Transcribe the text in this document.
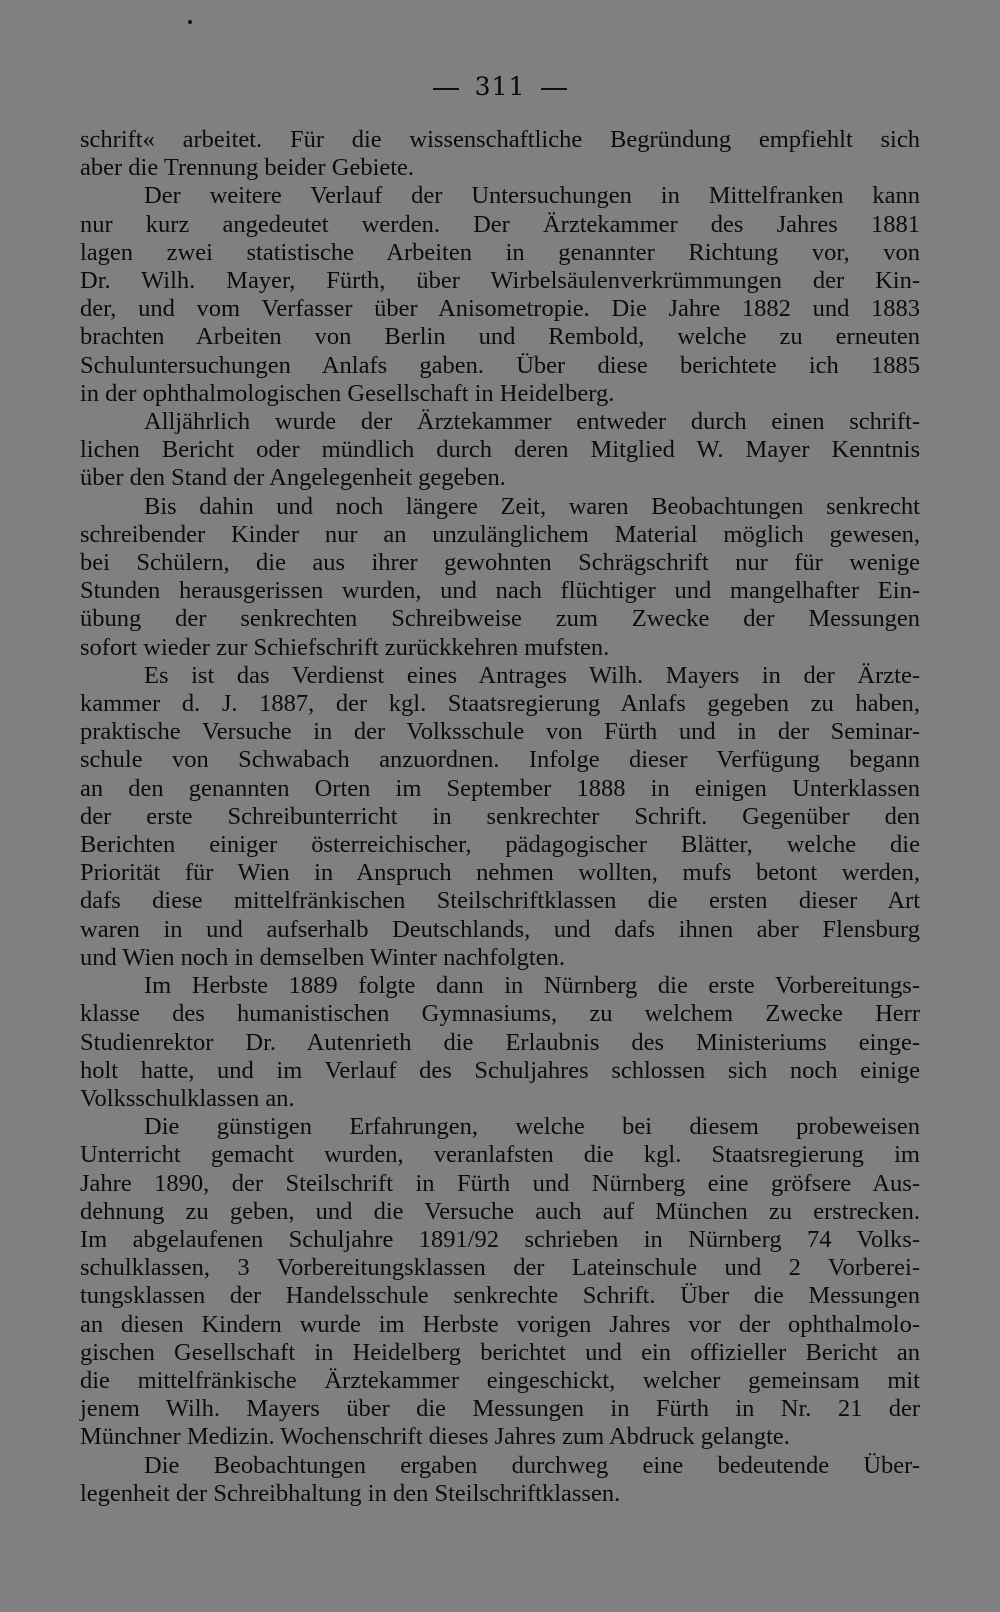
311

schrift« arbeitet. Für die wissenschaftliche Begründung empfiehlt sich
aber die Trennung beider Gebiete.

Der weitere Verlauf der Untersuchungen in Mittelfranken kann
nur kurz angedeutet werden. Der Ärztekammer des Jahres 1881
lagen zwei statistische Arbeiten in genannter Richtung vor, von
Dr. Wilh. Mayer, Fürth, über Wirbelsäulenverkrümmungen der Kin-
der, und vom Verfasser über Anisometropie. Die Jahre 1882 und 1883
brachten Arbeiten von Berlin und Rembold, welche zu erneuten
Schuluntersuchungen Anlafs gaben. Über diese berichtete ich 1885
in der ophthalmologischen Gesellschaft in Heidelberg.

Alljährlich wurde der Ärztekammer entweder durch einen schrift-
lichen Bericht oder mündlich durch deren Mitglied W. Mayer Kenntnis
über den Stand der Angelegenheit gegeben.

Bis dahin und noch längere Zeit, waren Beobachtungen senkrecht
schreibender Kinder nur an unzulänglichem Material möglich gewesen,
bei Schülern, die aus ihrer gewohnten Schrägschrift nur für wenige
Stunden herausgerissen wurden, und nach flüchtiger und mangelhafter Ein-
übung der senkrechten Schreibweise zum Zwecke der Messungen
sofort wieder zur Schiefschrift zurückkehren mufsten.

Es ist das Verdienst eines Antrages Wilh. Mayers in der Ärzte-
kammer d. J. 1887, der kgl. Staatsregierung Anlafs gegeben zu haben,
praktische Versuche in der Volksschule von Fürth und in der Seminar-
schule von Schwabach anzuordnen. Infolge dieser Verfügung begann
an den genannten Orten im September 1888 in einigen Unterklassen
der erste Schreibunterricht in senkrechter Schrift. Gegenüber den
Berichten einiger österreichischer, pädagogischer Blätter, welche die
Priorität für Wien in Anspruch nehmen wollten, mufs betont werden,
dafs diese mittelfränkischen Steilschriftklassen die ersten dieser Art
waren in und aufserhalb Deutschlands, und dafs ihnen aber Flensburg
und Wien noch in demselben Winter nachfolgten.

Im Herbste 1889 folgte dann in Nürnberg die erste Vorbereitungs-
klasse des humanistischen Gymnasiums, zu welchem Zwecke Herr
Studienrektor Dr. Autenrieth die Erlaubnis des Ministeriums einge-
holt hatte, und im Verlauf des Schuljahres schlossen sich noch einige
Volksschulklassen an.

Die günstigen Erfahrungen, welche bei diesem probeweisen
Unterricht gemacht wurden, veranlafsten die kgl. Staatsregierung im
Jahre 1890, der Steilschrift in Fürth und Nürnberg eine gröfsere Aus-
dehnung zu geben, und die Versuche auch auf München zu erstrecken.
Im abgelaufenen Schuljahre 1891/92 schrieben in Nürnberg 74 Volks-
schulklassen, 3 Vorbereitungsklassen der Lateinschule und 2 Vorberei-
tungsklassen der Handelsschule senkrechte Schrift. Über die Messungen
an diesen Kindern wurde im Herbste vorigen Jahres vor der ophthalmolo-
gischen Gesellschaft in Heidelberg berichtet und ein offizieller Bericht an
die mittelfränkische Ärztekammer eingeschickt, welcher gemeinsam mit
jenem Wilh. Mayers über die Messungen in Fürth in Nr. 21 der
Münchner Medizin. Wochenschrift dieses Jahres zum Abdruck gelangte.

Die Beobachtungen ergaben durchweg eine bedeutende Über-
legenheit der Schreibhaltung in den Steilschriftklassen.
